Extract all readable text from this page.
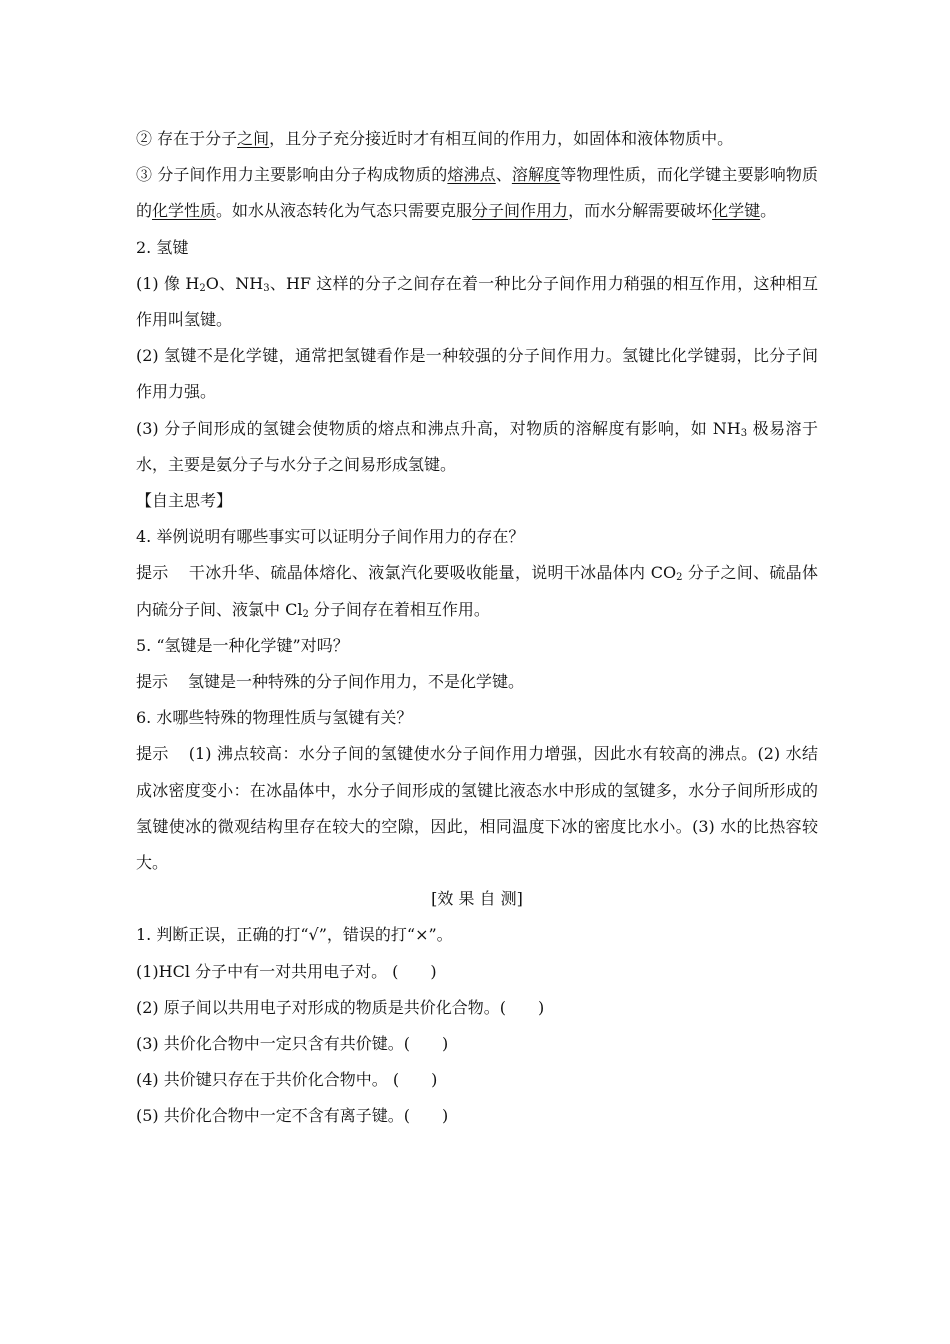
② 存在于分子之间，且分子充分接近时才有相互间的作用力，如固体和液体物质中。

③ 分子间作用力主要影响由分子构成物质的熔沸点、溶解度等物理性质，而化学键主要影响物质的化学性质。如水从液态转化为气态只需要克服分子间作用力，而水分解需要破坏化学键。

2. 氢键

(1) 像 $H_2O$、$NH_3$、HF 这样的分子之间存在着一种比分子间作用力稍强的相互作用，这种相互作用叫氢键。

(2) 氢键不是化学键，通常把氢键看作是一种较强的分子间作用力。氢键比化学键弱，比分子间作用力强。

(3) 分子间形成的氢键会使物质的熔点和沸点升高，对物质的溶解度有影响，如 $NH_3$ 极易溶于水，主要是氨分子与水分子之间易形成氢键。

【自主思考】

4. 举例说明有哪些事实可以证明分子间作用力的存在？

提示 干冰升华、硫晶体熔化、液氯汽化要吸收能量，说明干冰晶体内 $CO_2$ 分子之间、硫晶体内硫分子间、液氯中 $Cl_2$ 分子间存在着相互作用。

5. “氢键是一种化学键”对吗？

提示 氢键是一种特殊的分子间作用力，不是化学键。

6. 水哪些特殊的物理性质与氢键有关？

提示 (1) 沸点较高：水分子间的氢键使水分子间作用力增强，因此水有较高的沸点。(2) 水结成冰密度变小：在冰晶体中，水分子间形成的氢键比液态水中形成的氢键多，水分子间所形成的氢键使冰的微观结构里存在较大的空隙，因此，相同温度下冰的密度比水小。(3) 水的比热容较大。

[效 果 自 测]

1. 判断正误，正确的打“√”，错误的打“×”。

(1)HCl 分子中有一对共用电子对。 (　　)

(2) 原子间以共用电子对形成的物质是共价化合物。(　　)

(3) 共价化合物中一定只含有共价键。(　　)

(4) 共价键只存在于共价化合物中。 (　　)

(5) 共价化合物中一定不含有离子键。(　　)
